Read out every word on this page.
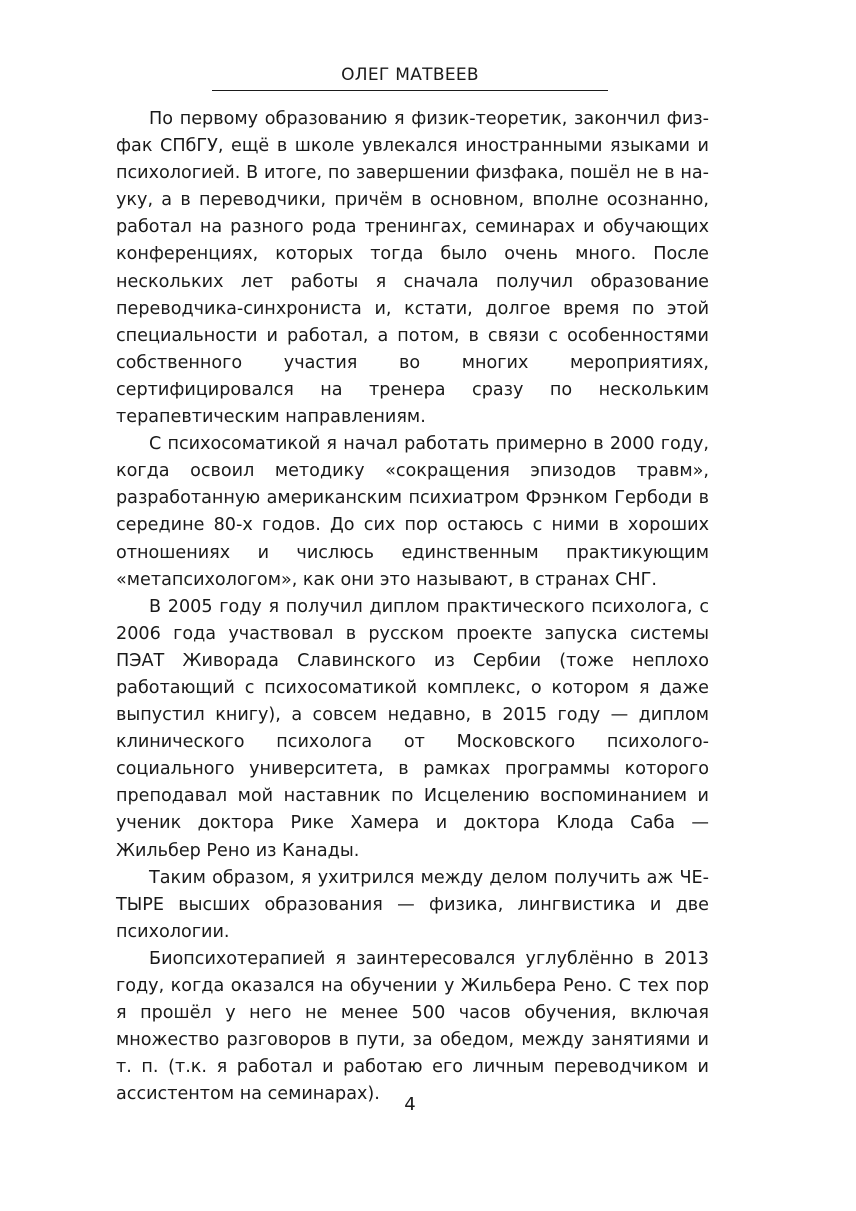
ОЛЕГ МАТВЕЕВ

По первому образованию я физик-теоретик, закончил физфак СПбГУ, ещё в школе увлекался иностранными языками и психологией. В итоге, по завершении физфака, пошёл не в науку, а в переводчики, причём в основном, вполне осознанно, работал на разного рода тренингах, семинарах и обучающих конференциях, которых тогда было очень много. После нескольких лет работы я сначала получил образование переводчика-синхрониста и, кстати, долгое время по этой специальности и работал, а потом, в связи с особенностями собственного участия во многих мероприятиях, сертифицировался на тренера сразу по нескольким терапевтическим направлениям.

С психосоматикой я начал работать примерно в 2000 году, когда освоил методику «сокращения эпизодов травм», разработанную американским психиатром Фрэнком Гербоди в середине 80-х годов. До сих пор остаюсь с ними в хороших отношениях и числюсь единственным практикующим «метапсихологом», как они это называют, в странах СНГ.

В 2005 году я получил диплом практического психолога, с 2006 года участвовал в русском проекте запуска системы ПЭАТ Живорада Славинского из Сербии (тоже неплохо работающий с психосоматикой комплекс, о котором я даже выпустил книгу), а совсем недавно, в 2015 году — диплом клинического психолога от Московского психолого-социального университета, в рамках программы которого преподавал мой наставник по Исцелению воспоминанием и ученик доктора Рике Хамера и доктора Клода Саба — Жильбер Рено из Канады.

Таким образом, я ухитрился между делом получить аж ЧЕТЫРЕ высших образования — физика, лингвистика и две психологии.

Биопсихотерапией я заинтересовался углублённо в 2013 году, когда оказался на обучении у Жильбера Рено. С тех пор я прошёл у него не менее 500 часов обучения, включая множество разговоров в пути, за обедом, между занятиями и т. п. (т.к. я работал и работаю его личным переводчиком и ассистентом на семинарах).	4
